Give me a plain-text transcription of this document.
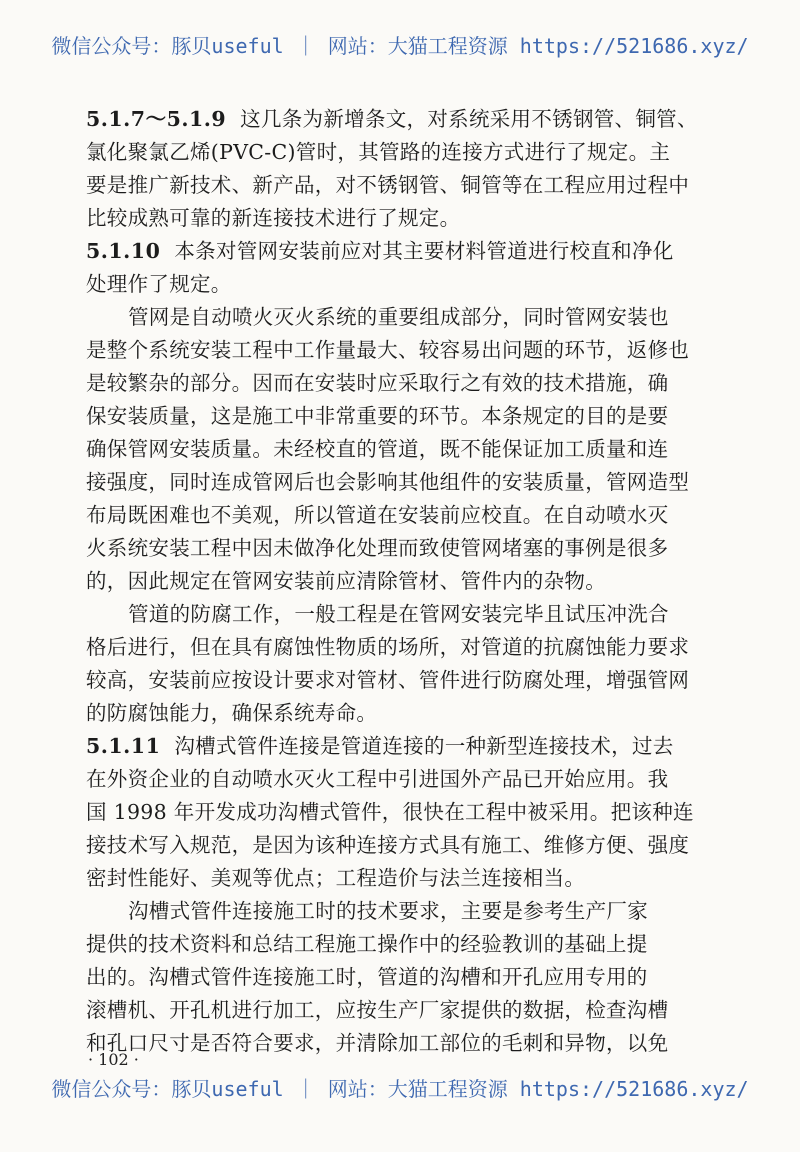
微信公众号：豚贝useful ｜ 网站：大猫工程资源 https://521686.xyz/
5.1.7～5.1.9 这几条为新增条文，对系统采用不锈钢管、铜管、
氯化聚氯乙烯(PVC-C)管时，其管路的连接方式进行了规定。主
要是推广新技术、新产品，对不锈钢管、铜管等在工程应用过程中
比较成熟可靠的新连接技术进行了规定。
5.1.10 本条对管网安装前应对其主要材料管道进行校直和净化
处理作了规定。
管网是自动喷火灭火系统的重要组成部分，同时管网安装也
是整个系统安装工程中工作量最大、较容易出问题的环节，返修也
是较繁杂的部分。因而在安装时应采取行之有效的技术措施，确
保安装质量，这是施工中非常重要的环节。本条规定的目的是要
确保管网安装质量。未经校直的管道，既不能保证加工质量和连
接强度，同时连成管网后也会影响其他组件的安装质量，管网造型
布局既困难也不美观，所以管道在安装前应校直。在自动喷水灭
火系统安装工程中因未做净化处理而致使管网堵塞的事例是很多
的，因此规定在管网安装前应清除管材、管件内的杂物。
管道的防腐工作，一般工程是在管网安装完毕且试压冲洗合
格后进行，但在具有腐蚀性物质的场所，对管道的抗腐蚀能力要求
较高，安装前应按设计要求对管材、管件进行防腐处理，增强管网
的防腐蚀能力，确保系统寿命。
5.1.11 沟槽式管件连接是管道连接的一种新型连接技术，过去
在外资企业的自动喷水灭火工程中引进国外产品已开始应用。我
国 1998 年开发成功沟槽式管件，很快在工程中被采用。把该种连
接技术写入规范，是因为该种连接方式具有施工、维修方便、强度
密封性能好、美观等优点；工程造价与法兰连接相当。
沟槽式管件连接施工时的技术要求，主要是参考生产厂家
提供的技术资料和总结工程施工操作中的经验教训的基础上提
出的。沟槽式管件连接施工时，管道的沟槽和开孔应用专用的
滚槽机、开孔机进行加工，应按生产厂家提供的数据，检查沟槽
和孔口尺寸是否符合要求，并清除加工部位的毛刺和异物，以免
· 102 ·
微信公众号：豚贝useful ｜ 网站：大猫工程资源 https://521686.xyz/
